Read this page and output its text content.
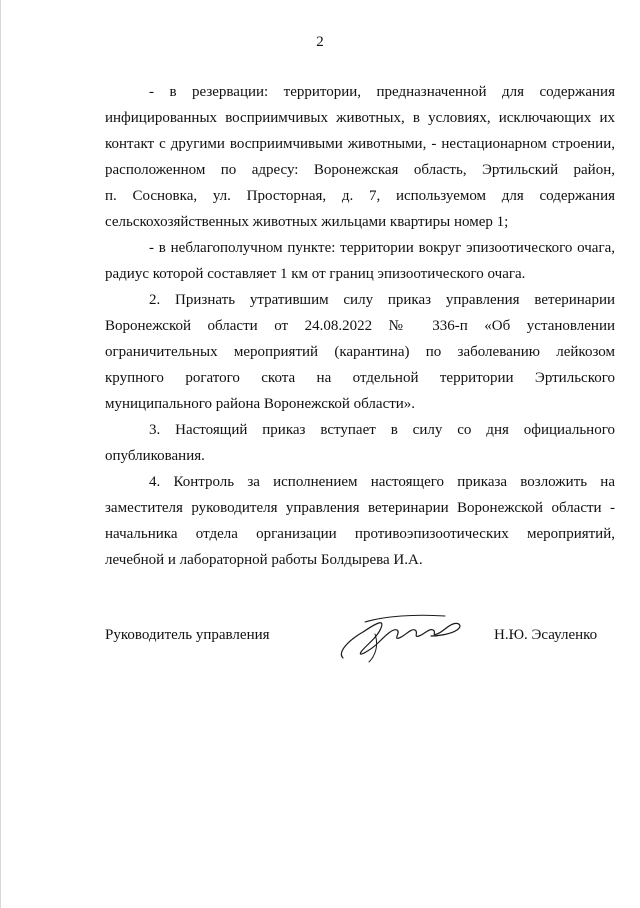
2
- в резервации: территории, предназначенной для содержания
инфицированных восприимчивых животных, в условиях, исключающих их
контакт с другими восприимчивыми животными, - нестационарном строении,
расположенном по адресу: Воронежская область, Эртильский район,
п. Сосновка, ул. Просторная, д. 7, используемом для содержания
сельскохозяйственных животных жильцами квартиры номер 1;
- в неблагополучном пункте: территории вокруг эпизоотического очага,
радиус которой составляет 1 км от границ эпизоотического очага.
2. Признать утратившим силу приказ управления ветеринарии
Воронежской области от 24.08.2022 № 336-п «Об установлении
ограничительных мероприятий (карантина) по заболеванию лейкозом
крупного рогатого скота на отдельной территории Эртильского
муниципального района Воронежской области».
3. Настоящий приказ вступает в силу со дня официального
опубликования.
4. Контроль за исполнением настоящего приказа возложить на
заместителя руководителя управления ветеринарии Воронежской области -
начальника отдела организации противоэпизоотических мероприятий,
лечебной и лабораторной работы Болдырева И.А.
Руководитель управления	Н.Ю. Эсауленко
